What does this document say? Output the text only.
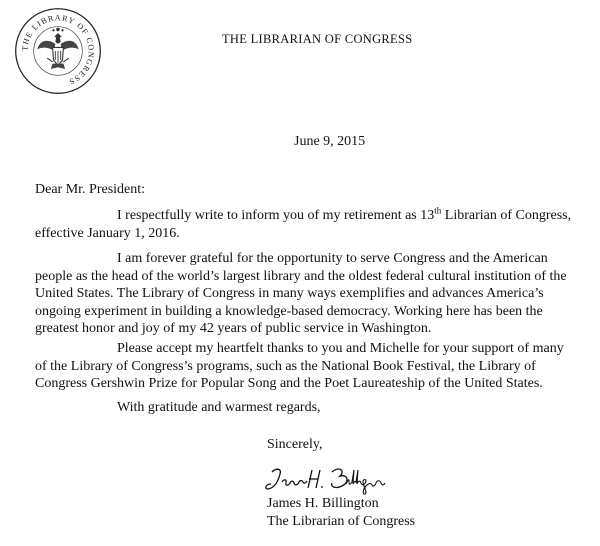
THE LIBRARY OF CONGRESS
THE LIBRARIAN OF CONGRESS
June 9, 2015
Dear Mr. President:

I respectfully write to inform you of my retirement as 13th Librarian of Congress, effective January 1, 2016.

I am forever grateful for the opportunity to serve Congress and the American people as the head of the world’s largest library and the oldest federal cultural institution of the United States. The Library of Congress in many ways exemplifies and advances America’s ongoing experiment in building a knowledge-based democracy. Working here has been the greatest honor and joy of my 42 years of public service in Washington.

Please accept my heartfelt thanks to you and Michelle for your support of many of the Library of Congress’s programs, such as the National Book Festival, the Library of Congress Gershwin Prize for Popular Song and the Poet Laureateship of the United States.

With gratitude and warmest regards,

Sincerely,
James H. Billington
The Librarian of Congress
